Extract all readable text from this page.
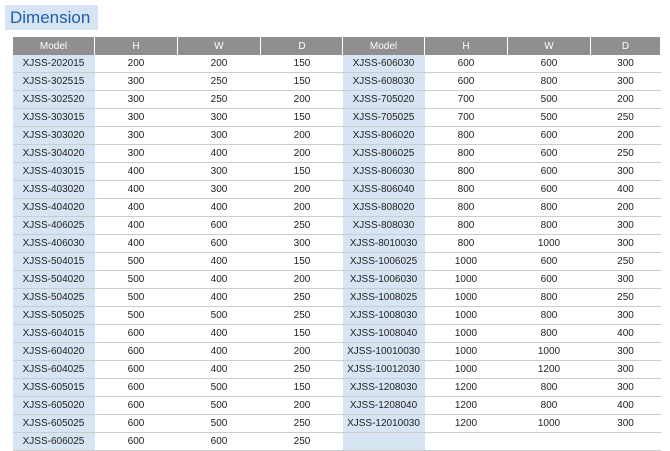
Dimension
Model	H	W	D
XJSS-202015	200	200	150
XJSS-302515	300	250	150
XJSS-302520	300	250	200
XJSS-303015	300	300	150
XJSS-303020	300	300	200
XJSS-304020	300	400	200
XJSS-403015	400	300	150
XJSS-403020	400	300	200
XJSS-404020	400	400	200
XJSS-406025	400	600	250
XJSS-406030	400	600	300
XJSS-504015	500	400	150
XJSS-504020	500	400	200
XJSS-504025	500	400	250
XJSS-505025	500	500	250
XJSS-604015	600	400	150
XJSS-604020	600	400	200
XJSS-604025	600	400	250
XJSS-605015	600	500	150
XJSS-605020	600	500	200
XJSS-605025	600	500	250
XJSS-606025	600	600	250
Model	H	W	D
XJSS-606030	600	600	300
XJSS-608030	600	800	300
XJSS-705020	700	500	200
XJSS-705025	700	500	250
XJSS-806020	800	600	200
XJSS-806025	800	600	250
XJSS-806030	800	600	300
XJSS-806040	800	600	400
XJSS-808020	800	800	200
XJSS-808030	800	800	300
XJSS-8010030	800	1000	300
XJSS-1006025	1000	600	250
XJSS-1006030	1000	600	300
XJSS-1008025	1000	800	250
XJSS-1008030	1000	800	300
XJSS-1008040	1000	800	400
XJSS-10010030	1000	1000	300
XJSS-10012030	1000	1200	300
XJSS-1208030	1200	800	300
XJSS-1208040	1200	800	400
XJSS-12010030	1200	1000	300
